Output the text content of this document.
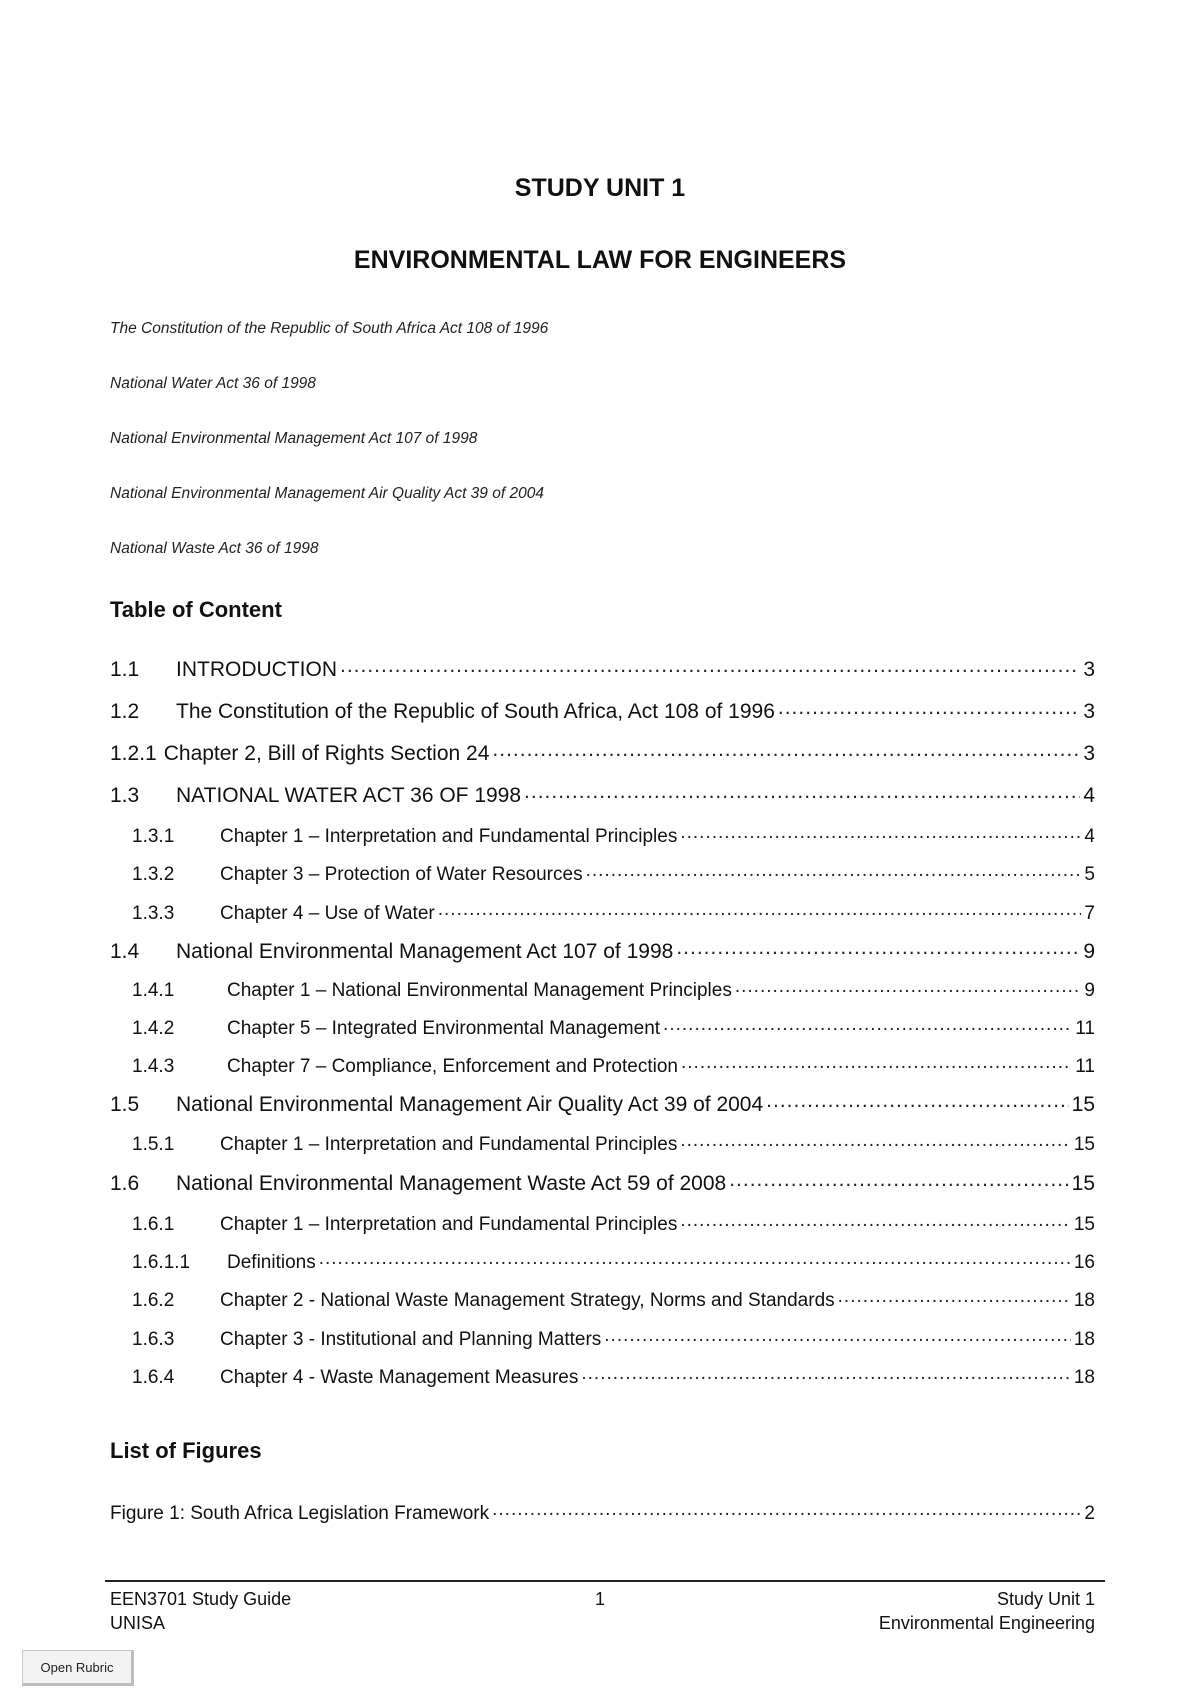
STUDY UNIT 1
ENVIRONMENTAL LAW FOR ENGINEERS
The Constitution of the Republic of South Africa Act 108 of 1996
National Water Act 36 of 1998
National Environmental Management Act 107 of 1998
National Environmental Management Air Quality Act 39 of 2004
National Waste Act 36 of 1998
Table of Content
1.1	INTRODUCTION .....	3
1.2	The Constitution of the Republic of South Africa, Act 108 of 1996 .....	3
1.2.1 Chapter 2, Bill of Rights Section 24 .....	3
1.3	NATIONAL WATER ACT 36 OF 1998 .....	4
1.3.1	Chapter 1 – Interpretation and Fundamental Principles .....	4
1.3.2	Chapter 3 – Protection of Water Resources .....	5
1.3.3	Chapter 4 – Use of Water .....	7
1.4	National Environmental Management Act 107 of 1998 .....	9
1.4.1	Chapter 1 – National Environmental Management Principles .....	9
1.4.2	Chapter 5 – Integrated Environmental Management .....	11
1.4.3	Chapter 7 – Compliance, Enforcement and Protection .....	11
1.5	National Environmental Management Air Quality Act 39 of 2004 .....	15
1.5.1	Chapter 1 – Interpretation and Fundamental Principles .....	15
1.6	National Environmental Management Waste Act 59 of 2008 .....	15
1.6.1	Chapter 1 – Interpretation and Fundamental Principles .....	15
1.6.1.1	Definitions .....	16
1.6.2	Chapter 2 - National Waste Management Strategy, Norms and Standards .....	18
1.6.3	Chapter 3 - Institutional and Planning Matters .....	18
1.6.4	Chapter 4 - Waste Management Measures .....	18
List of Figures
Figure 1: South Africa Legislation Framework .....	2
EEN3701 Study Guide
UNISA
1	Study Unit 1
Environmental Engineering
Open Rubric
